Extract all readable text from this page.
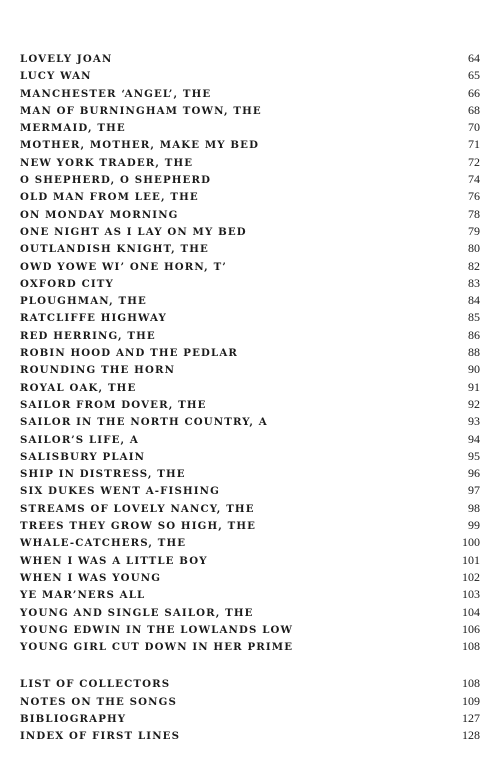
LOVELY JOAN	64
LUCY WAN	65
MANCHESTER ‘ANGEL’, THE	66
MAN OF BURNINGHAM TOWN, THE	68
MERMAID, THE	70
MOTHER, MOTHER, MAKE MY BED	71
NEW YORK TRADER, THE	72
O SHEPHERD, O SHEPHERD	74
OLD MAN FROM LEE, THE	76
ON MONDAY MORNING	78
ONE NIGHT AS I LAY ON MY BED	79
OUTLANDISH KNIGHT, THE	80
OWD YOWE WI’ ONE HORN, T’	82
OXFORD CITY	83
PLOUGHMAN, THE	84
RATCLIFFE HIGHWAY	85
RED HERRING, THE	86
ROBIN HOOD AND THE PEDLAR	88
ROUNDING THE HORN	90
ROYAL OAK, THE	91
SAILOR FROM DOVER, THE	92
SAILOR IN THE NORTH COUNTRY, A	93
SAILOR’S LIFE, A	94
SALISBURY PLAIN	95
SHIP IN DISTRESS, THE	96
SIX DUKES WENT A-FISHING	97
STREAMS OF LOVELY NANCY, THE	98
TREES THEY GROW SO HIGH, THE	99
WHALE-CATCHERS, THE	100
WHEN I WAS A LITTLE BOY	101
WHEN I WAS YOUNG	102
YE MAR’NERS ALL	103
YOUNG AND SINGLE SAILOR, THE	104
YOUNG EDWIN IN THE LOWLANDS LOW	106
YOUNG GIRL CUT DOWN IN HER PRIME	108
LIST OF COLLECTORS	108
NOTES ON THE SONGS	109
BIBLIOGRAPHY	127
INDEX OF FIRST LINES	128
